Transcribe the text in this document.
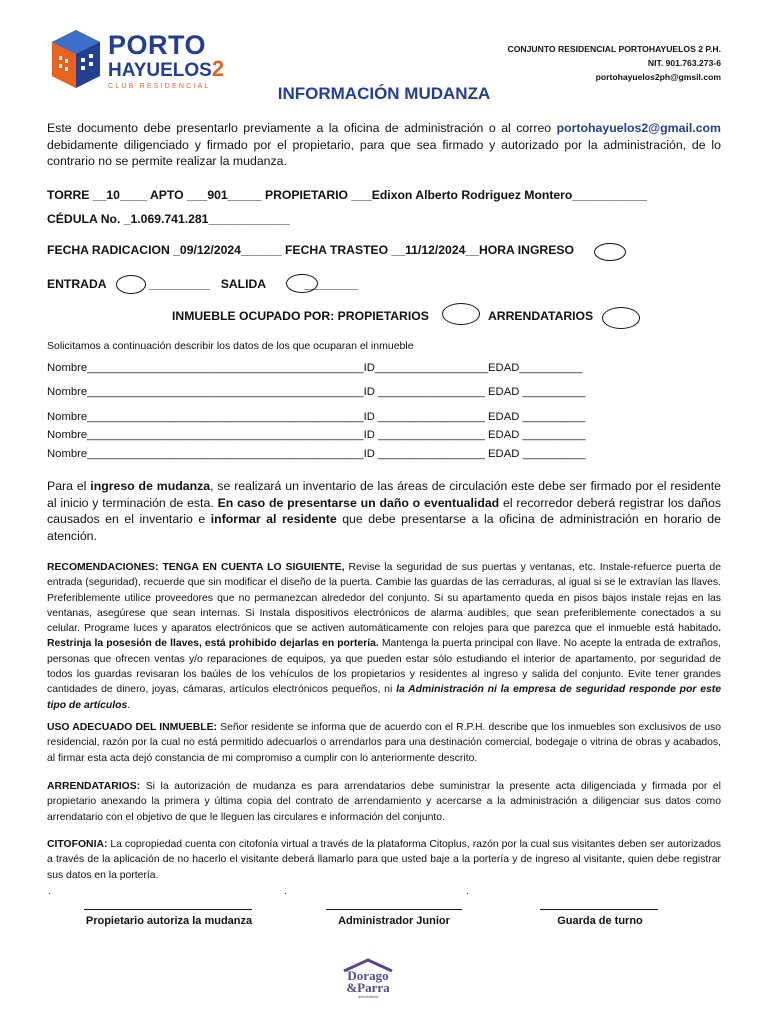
PORTO
HAYUELOS2
CLUB RESIDENCIAL
CONJUNTO RESIDENCIAL PORTOHAYUELOS 2 P.H.
NIT. 901.763.273-6
portohayuelos2ph@gmsil.com
INFORMACIÓN MUDANZA
Este documento debe presentarlo previamente a la oficina de administración o al correo portohayuelos2@gmail.com debidamente diligenciado y firmado por el propietario, para que sea firmado y autorizado por la administración, de lo contrario no se permite realizar la mudanza.
TORRE __10____ APTO ___901_____ PROPIETARIO ___Edixon Alberto Rodriguez Montero___________
CÉDULA No. _1.069.741.281____________
FECHA RADICACION _09/12/2024______ FECHA TRASTEO __11/12/2024__HORA INGRESO
ENTRADA	_________ SALIDA	________
INMUEBLE OCUPADO POR: PROPIETARIOS	ARRENDATARIOS
Solicitamos a continuación describir los datos de los que ocuparan el inmueble
Nombre____________________________________________ID__________________EDAD__________
Nombre____________________________________________ID _________________ EDAD __________
Nombre____________________________________________ID _________________ EDAD __________
Nombre____________________________________________ID _________________ EDAD __________
Nombre____________________________________________ID _________________ EDAD __________
Para el ingreso de mudanza, se realizará un inventario de las áreas de circulación este debe ser firmado por el residente al inicio y terminación de esta. En caso de presentarse un daño o eventualidad el recorredor deberá registrar los daños causados en el inventario e informar al residente que debe presentarse a la oficina de administración en horario de atención.
RECOMENDACIONES: TENGA EN CUENTA LO SIGUIENTE, Revise la seguridad de sus puertas y ventanas, etc. Instale-refuerce puerta de entrada (seguridad), recuerde que sin modificar el diseño de la puerta. Cambie las guardas de las cerraduras, al igual si se le extravían las llaves. Preferiblemente utilice proveedores que no permanezcan alrededor del conjunto. Si su apartamento queda en pisos bajos instale rejas en las ventanas, asegúrese que sean internas. Si Instala dispositivos electrónicos de alarma audibles, que sean preferiblemente conectados a su celular. Programe luces y aparatos electrónicos que se activen automáticamente con relojes para que parezca que el inmueble está habitado. Restrinja la posesión de llaves, está prohibido dejarlas en portería. Mantenga la puerta principal con llave. No acepte la entrada de extraños, personas que ofrecen ventas y/o reparaciones de equipos, ya que pueden estar sólo estudiando el interior de apartamento, por seguridad de todos los guardas revisaran los baúles de los vehículos de los propietarios y residentes al ingreso y salida del conjunto. Evite tener grandes cantidades de dinero, joyas, cámaras, artículos electrónicos pequeños, ni la Administración ni la empresa de seguridad responde por este tipo de artículos.
USO ADECUADO DEL INMUEBLE: Señor residente se informa que de acuerdo con el R.P.H. describe que los inmuebles son exclusivos de uso residencial, razón por la cual no está permitido adecuarlos o arrendarlos para una destinación comercial, bodegaje o vitrina de obras y acabados, al firmar esta acta dejó constancia de mi compromiso a cumplir con lo anteriormente descrito.
ARRENDATARIOS: Si la autorización de mudanza es para arrendatarios debe suministrar la presente acta diligenciada y firmada por el propietario anexando la primera y última copia del contrato de arrendamiento y acercarse a la administración a diligenciar sus datos como arrendatario con el objetivo de que le lleguen las circulares e información del conjunto.
CITOFONIA: La copropiedad cuenta con citofonía virtual a través de la plataforma Citoplus, razón por la cual sus visitantes deben ser autorizados a través de la aplicación de no hacerlo el visitante deberá llamarlo para que usted baje a la portería y de ingreso al visitante, quien debe registrar sus datos en la portería.
.	.	.
Propietario autoriza la mudanza	Administrador Junior	Guarda de turno
Dorago
&Parra
Inmobiliaria
